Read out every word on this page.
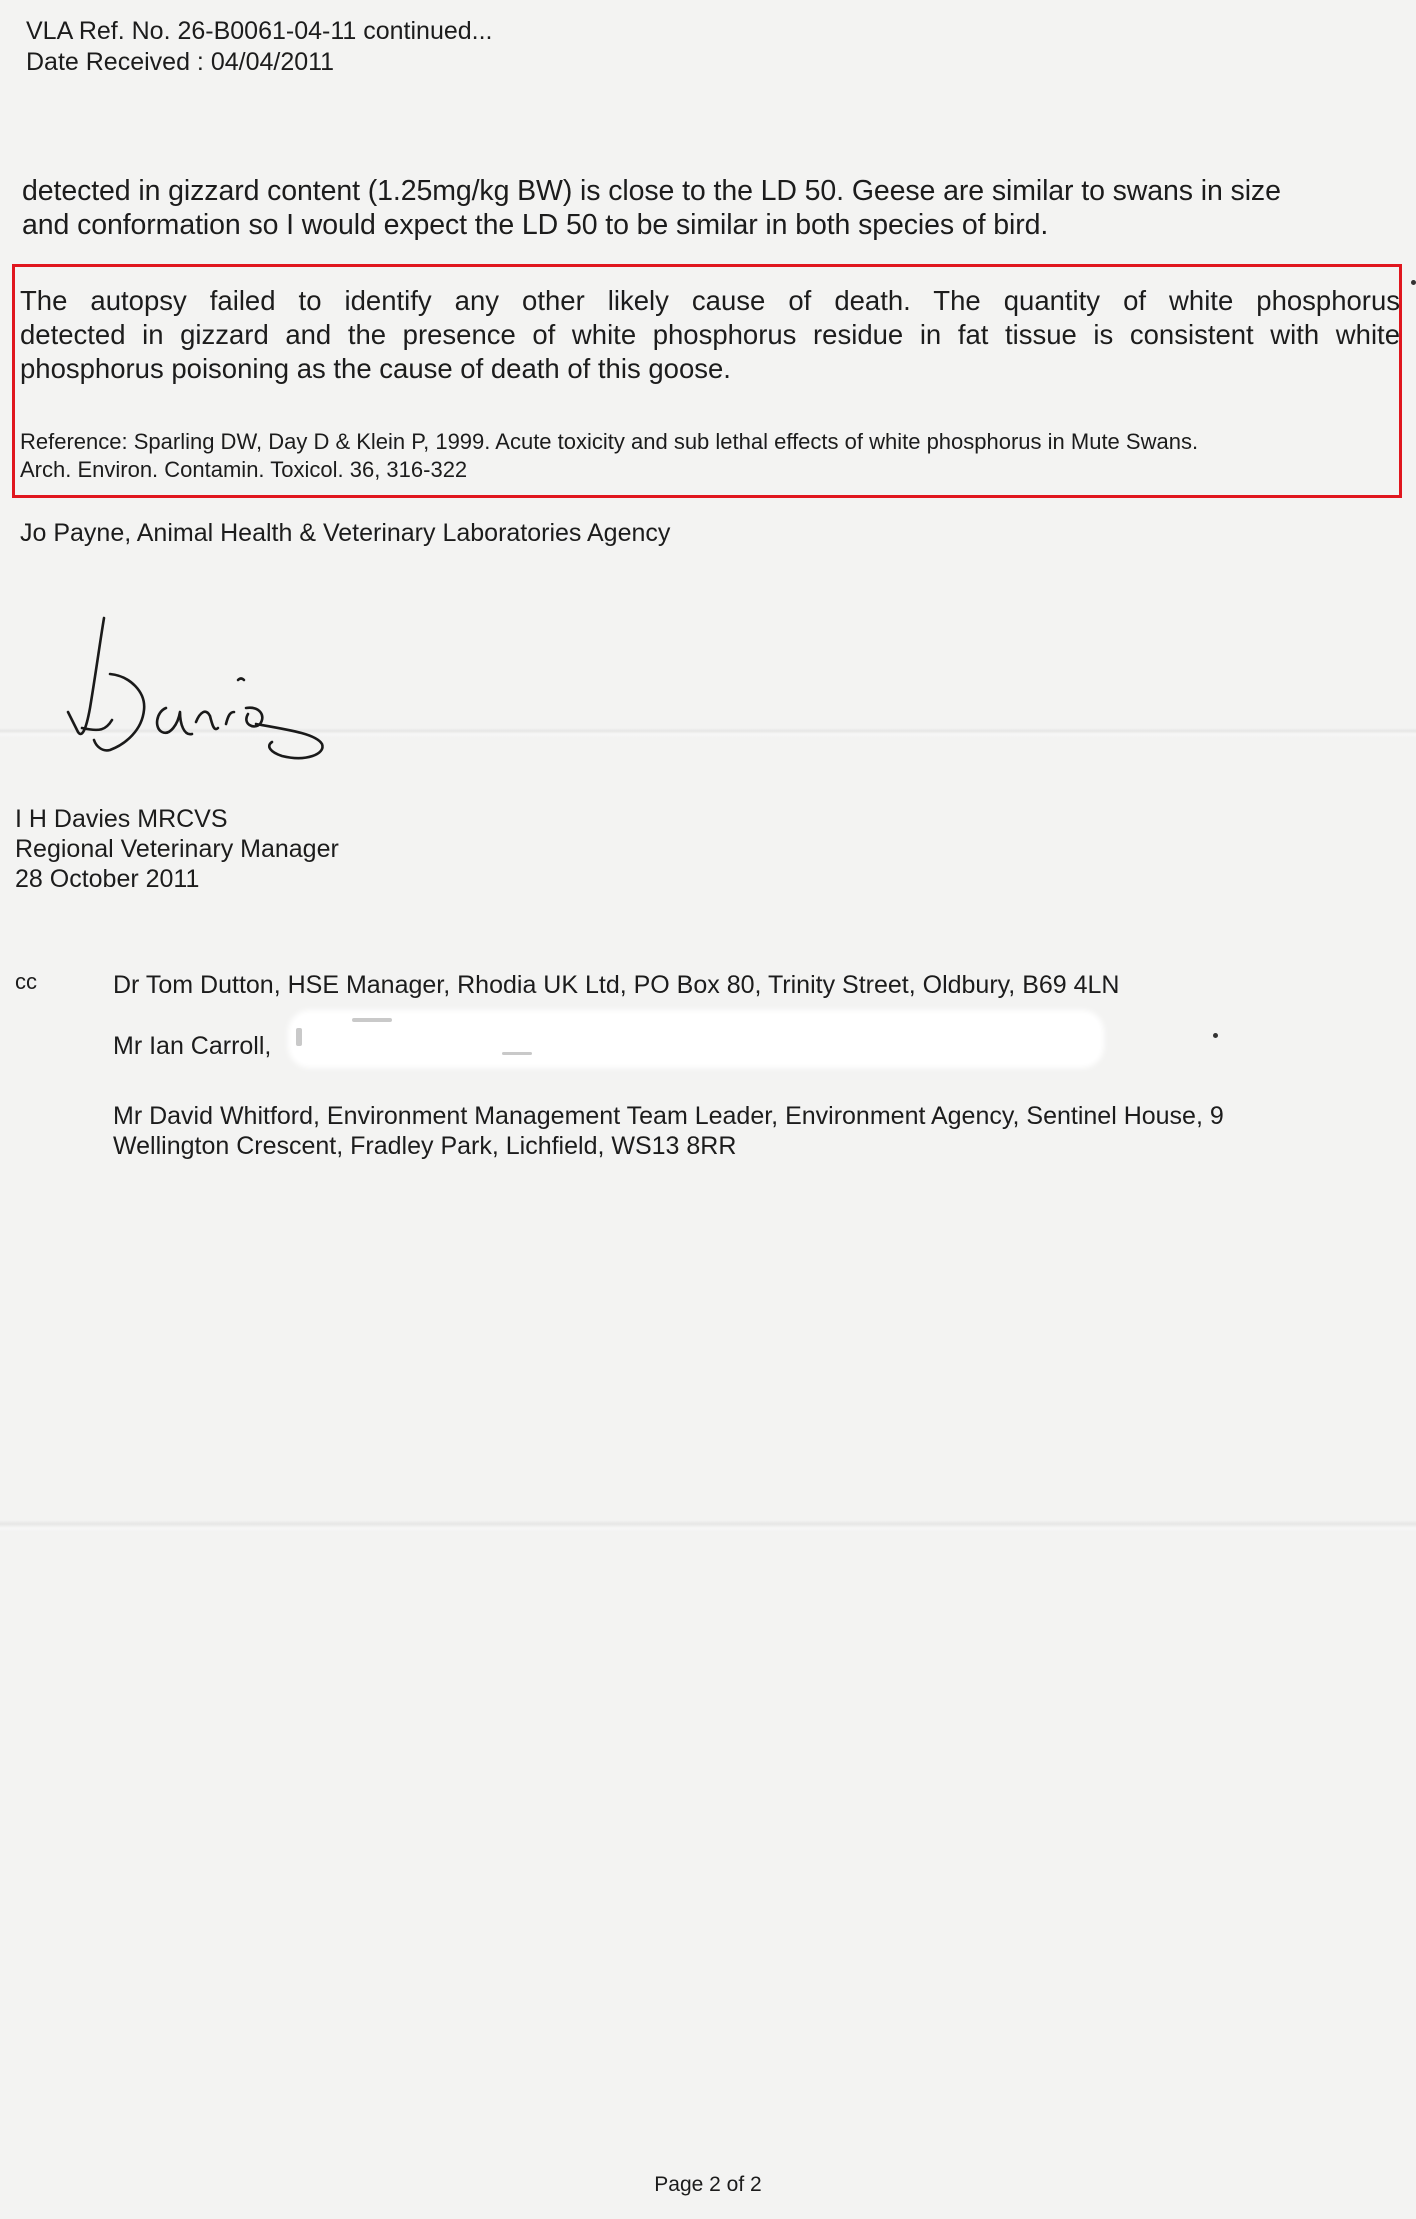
VLA Ref. No. 26-B0061-04-11 continued...
Date Received : 04/04/2011
detected in gizzard content (1.25mg/kg BW) is close to the LD 50. Geese are similar to swans in size
and conformation so I would expect the LD 50 to be similar in both species of bird.
The autopsy failed to identify any other likely cause of death. The quantity of white phosphorus
detected in gizzard and the presence of white phosphorus residue in fat tissue is consistent with white
phosphorus poisoning as the cause of death of this goose.
Reference: Sparling DW, Day D & Klein P, 1999. Acute toxicity and sub lethal effects of white phosphorus in Mute Swans.
Arch. Environ. Contamin. Toxicol. 36, 316-322
Jo Payne, Animal Health & Veterinary Laboratories Agency
I H Davies MRCVS
Regional Veterinary Manager
28 October 2011
cc	Dr Tom Dutton, HSE Manager, Rhodia UK Ltd, PO Box 80, Trinity Street, Oldbury, B69 4LN
Mr Ian Carroll,
Mr David Whitford, Environment Management Team Leader, Environment Agency, Sentinel House, 9
Wellington Crescent, Fradley Park, Lichfield, WS13 8RR
Page 2 of 2
